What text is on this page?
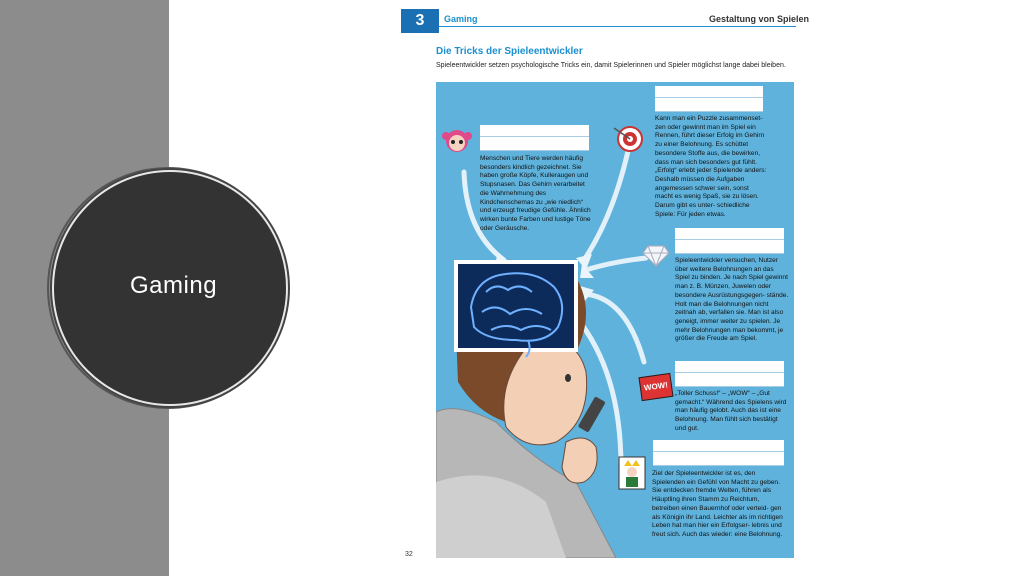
Gaming
3	Gaming	Gestaltung von Spielen
Die Tricks der Spieleentwickler
Spieleentwickler setzen psychologische Tricks ein, damit Spielerinnen und Spieler möglichst lange dabei bleiben.
WOW!
Menschen und Tiere werden häufig besonders kindlich gezeichnet. Sie haben große Köpfe, Kulleraugen und Stupsnasen. Das Gehirn verarbeitet die Wahrnehmung des Kindchenschemas zu „wie niedlich“ und erzeugt freudige Gefühle. Ähnlich wirken bunte Farben und lustige Töne oder Geräusche.
Kann man ein Puzzle zusammenset- zen oder gewinnt man im Spiel ein Rennen, führt dieser Erfolg im Gehirn zu einer Belohnung. Es schüttet besondere Stoffe aus, die bewirken, dass man sich besonders gut fühlt. „Erfolg“ erlebt jeder Spielende anders: Deshalb müssen die Aufgaben angemessen schwer sein, sonst macht es wenig Spaß, sie zu lösen. Darum gibt es unter- schiedliche Spiele: Für jeden etwas.
Spieleentwickler versuchen, Nutzer über weitere Belohnungen an das Spiel zu binden. Je nach Spiel gewinnt man z. B. Münzen, Juwelen oder besondere Ausrüstungsgegen- stände. Holt man die Belohnungen nicht zeitnah ab, verfallen sie. Man ist also geneigt, immer weiter zu spielen. Je mehr Belohnungen man bekommt, je größer die Freude am Spiel.
„Toller Schuss!“ – „WOW“ – „Gut gemacht.“ Während des Spielens wird man häufig gelobt. Auch das ist eine Belohnung. Man fühlt sich bestätigt und gut.
Ziel der Spieleentwickler ist es, den Spielenden ein Gefühl von Macht zu geben. Sie entdecken fremde Welten, führen als Häuptling ihren Stamm zu Reichtum, betreiben einen Bauernhof oder verteid- gen als Königin ihr Land. Leichter als im richtigen Leben hat man hier ein Erfolgser- lebnis und freut sich. Auch das wieder: eine Belohnung.
32
